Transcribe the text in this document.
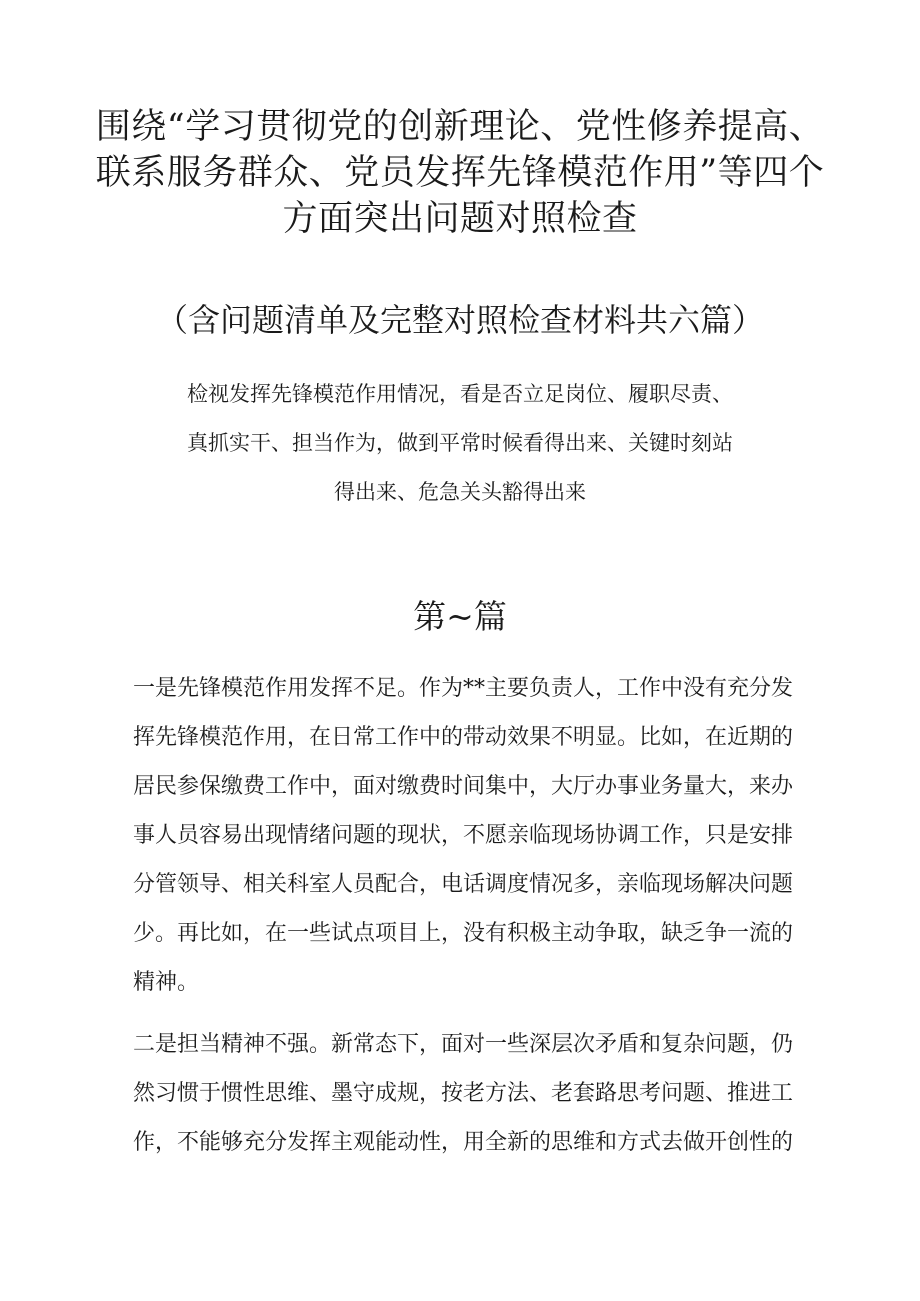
围绕“学习贯彻党的创新理论、党性修养提高、
联系服务群众、党员发挥先锋模范作用”等四个
方面突出问题对照检查
（含问题清单及完整对照检查材料共六篇）
检视发挥先锋模范作用情况，看是否立足岗位、履职尽责、
真抓实干、担当作为，做到平常时候看得出来、关键时刻站
得出来、危急关头豁得出来
第~篇
一是先锋模范作用发挥不足。作为**主要负责人，工作中没有充分发
挥先锋模范作用，在日常工作中的带动效果不明显。比如，在近期的
居民参保缴费工作中，面对缴费时间集中，大厅办事业务量大，来办
事人员容易出现情绪问题的现状，不愿亲临现场协调工作，只是安排
分管领导、相关科室人员配合，电话调度情况多，亲临现场解决问题
少。再比如，在一些试点项目上，没有积极主动争取，缺乏争一流的
精神。
二是担当精神不强。新常态下，面对一些深层次矛盾和复杂问题，仍
然习惯于惯性思维、墨守成规，按老方法、老套路思考问题、推进工
作，不能够充分发挥主观能动性，用全新的思维和方式去做开创性的
